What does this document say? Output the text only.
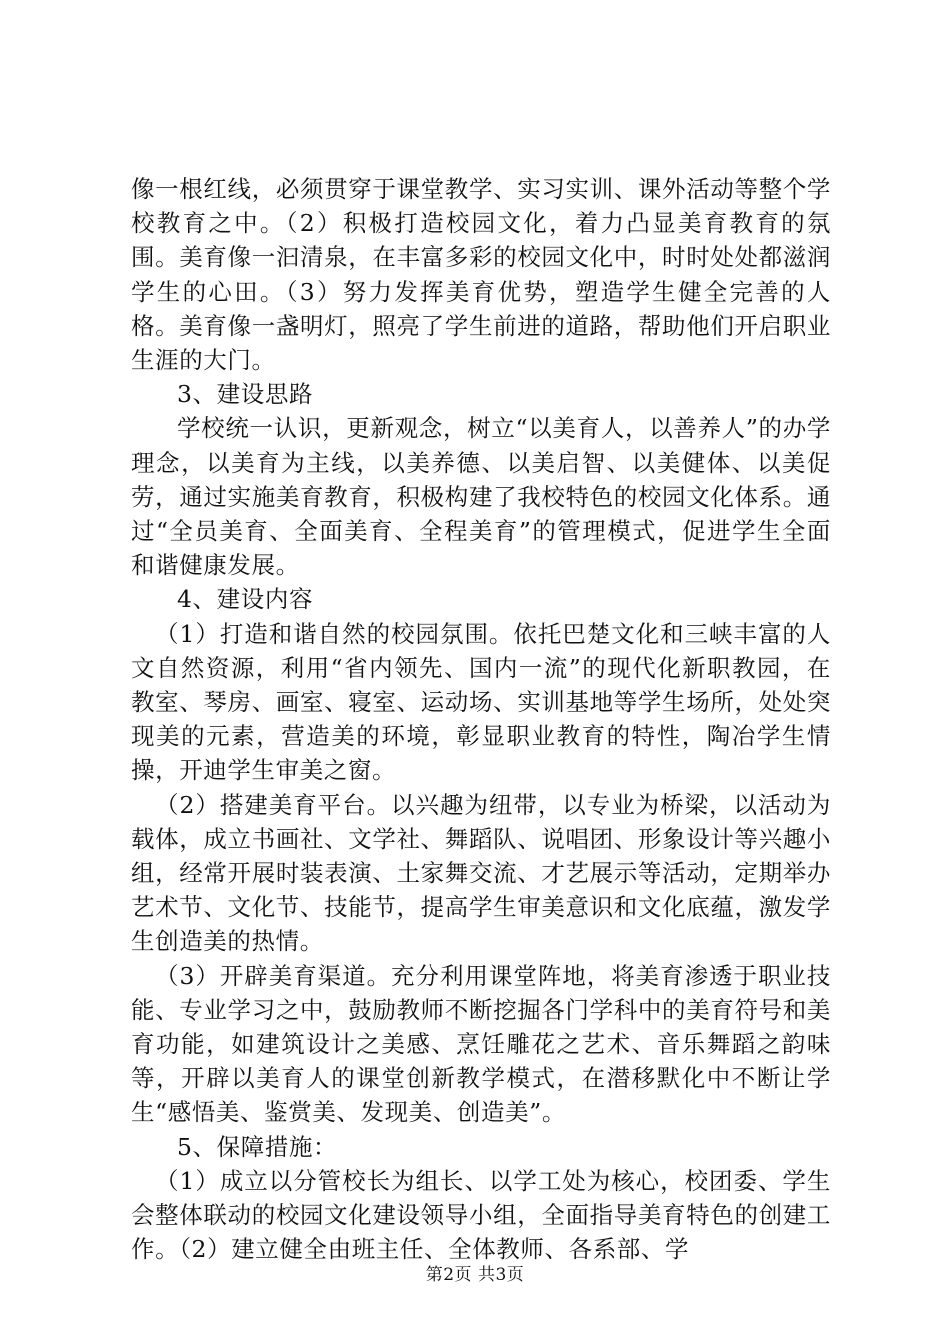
像一根红线，必须贯穿于课堂教学、实习实训、课外活动等整个学校教育之中。（2）积极打造校园文化，着力凸显美育教育的氛围。美育像一汩清泉，在丰富多彩的校园文化中，时时处处都滋润学生的心田。（3）努力发挥美育优势，塑造学生健全完善的人格。美育像一盏明灯，照亮了学生前进的道路，帮助他们开启职业生涯的大门。

3、建设思路

学校统一认识，更新观念，树立“以美育人，以善养人”的办学理念，以美育为主线，以美养德、以美启智、以美健体、以美促劳，通过实施美育教育，积极构建了我校特色的校园文化体系。通过“全员美育、全面美育、全程美育”的管理模式，促进学生全面和谐健康发展。

4、建设内容

（1）打造和谐自然的校园氛围。依托巴楚文化和三峡丰富的人文自然资源，利用“省内领先、国内一流”的现代化新职教园，在教室、琴房、画室、寝室、运动场、实训基地等学生场所，处处突现美的元素，营造美的环境，彰显职业教育的特性，陶冶学生情操，开迪学生审美之窗。

（2）搭建美育平台。以兴趣为纽带，以专业为桥梁，以活动为载体，成立书画社、文学社、舞蹈队、说唱团、形象设计等兴趣小组，经常开展时装表演、土家舞交流、才艺展示等活动，定期举办艺术节、文化节、技能节，提高学生审美意识和文化底蕴，激发学生创造美的热情。

（3）开辟美育渠道。充分利用课堂阵地，将美育渗透于职业技能、专业学习之中，鼓励教师不断挖掘各门学科中的美育符号和美育功能，如建筑设计之美感、烹饪雕花之艺术、音乐舞蹈之韵味等，开辟以美育人的课堂创新教学模式，在潜移默化中不断让学生“感悟美、鉴赏美、发现美、创造美”。

5、保障措施：

（1）成立以分管校长为组长、以学工处为核心，校团委、学生会整体联动的校园文化建设领导小组，全面指导美育特色的创建工作。（2）建立健全由班主任、全体教师、各系部、学

第2页 共3页
